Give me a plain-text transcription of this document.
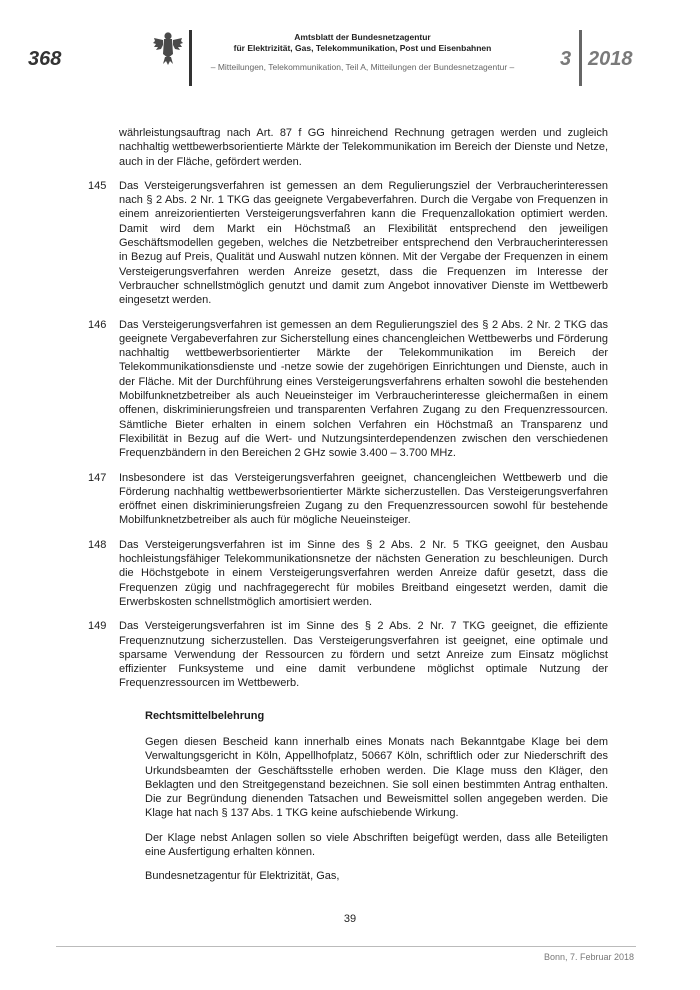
368
Amtsblatt der Bundesnetzagentur
für Elektrizität, Gas, Telekommunikation, Post und Eisenbahnen
– Mitteilungen, Telekommunikation, Teil A, Mitteilungen der Bundesnetzagentur –	3 2018
währleistungsauftrag nach Art. 87 f GG hinreichend Rechnung getragen werden und zugleich nachhaltig wettbewerbsorientierte Märkte der Telekommunikation im Bereich der Dienste und Netze, auch in der Fläche, gefördert werden.
145	Das Versteigerungsverfahren ist gemessen an dem Regulierungsziel der Verbraucherinteressen nach § 2 Abs. 2 Nr. 1 TKG das geeignete Vergabeverfahren. Durch die Vergabe von Frequenzen in einem anreizorientierten Versteigerungsverfahren kann die Frequenzallokation optimiert werden. Damit wird dem Markt ein Höchstmaß an Flexibilität entsprechend den jeweiligen Geschäftsmodellen gegeben, welches die Netzbetreiber entsprechend den Verbraucherinteressen in Bezug auf Preis, Qualität und Auswahl nutzen können. Mit der Vergabe der Frequenzen in einem Versteigerungsverfahren werden Anreize gesetzt, dass die Frequenzen im Interesse der Verbraucher schnellstmöglich genutzt und damit zum Angebot innovativer Dienste im Wettbewerb eingesetzt werden.
146	Das Versteigerungsverfahren ist gemessen an dem Regulierungsziel des § 2 Abs. 2 Nr. 2 TKG das geeignete Vergabeverfahren zur Sicherstellung eines chancengleichen Wettbewerbs und Förderung nachhaltig wettbewerbsorientierter Märkte der Telekommunikation im Bereich der Telekommunikationsdienste und -netze sowie der zugehörigen Einrichtungen und Dienste, auch in der Fläche. Mit der Durchführung eines Versteigerungsverfahrens erhalten sowohl die bestehenden Mobilfunknetzbetreiber als auch Neueinsteiger im Verbraucherinteresse gleichermaßen in einem offenen, diskriminierungsfreien und transparenten Verfahren Zugang zu den Frequenzressourcen. Sämtliche Bieter erhalten in einem solchen Verfahren ein Höchstmaß an Transparenz und Flexibilität in Bezug auf die Wert- und Nutzungsinterdependenzen zwischen den verschiedenen Frequenzbändern in den Bereichen 2 GHz sowie 3.400 – 3.700 MHz.
147	Insbesondere ist das Versteigerungsverfahren geeignet, chancengleichen Wettbewerb und die Förderung nachhaltig wettbewerbsorientierter Märkte sicherzustellen. Das Versteigerungsverfahren eröffnet einen diskriminierungsfreien Zugang zu den Frequenzressourcen sowohl für bestehende Mobilfunknetzbetreiber als auch für mögliche Neueinsteiger.
148	Das Versteigerungsverfahren ist im Sinne des § 2 Abs. 2 Nr. 5 TKG geeignet, den Ausbau hochleistungsfähiger Telekommunikationsnetze der nächsten Generation zu beschleunigen. Durch die Höchstgebote in einem Versteigerungsverfahren werden Anreize dafür gesetzt, dass die Frequenzen zügig und nachfragegerecht für mobiles Breitband eingesetzt werden, damit die Erwerbskosten schnellstmöglich amortisiert werden.
149	Das Versteigerungsverfahren ist im Sinne des § 2 Abs. 2 Nr. 7 TKG geeignet, die effiziente Frequenznutzung sicherzustellen. Das Versteigerungsverfahren ist geeignet, eine optimale und sparsame Verwendung der Ressourcen zu fördern und setzt Anreize zum Einsatz möglichst effizienter Funksysteme und eine damit verbundene möglichst optimale Nutzung der Frequenzressourcen im Wettbewerb.
Rechtsmittelbelehrung

Gegen diesen Bescheid kann innerhalb eines Monats nach Bekanntgabe Klage bei dem Verwaltungsgericht in Köln, Appellhofplatz, 50667 Köln, schriftlich oder zur Niederschrift des Urkundsbeamten der Geschäftsstelle erhoben werden. Die Klage muss den Kläger, den Beklagten und den Streitgegenstand bezeichnen. Sie soll einen bestimmten Antrag enthalten. Die zur Begründung dienenden Tatsachen und Beweismittel sollen angegeben werden. Die Klage hat nach § 137 Abs. 1 TKG keine aufschiebende Wirkung.

Der Klage nebst Anlagen sollen so viele Abschriften beigefügt werden, dass alle Beteiligten eine Ausfertigung erhalten können.

Bundesnetzagentur für Elektrizität, Gas,

39
Bonn, 7. Februar 2018
